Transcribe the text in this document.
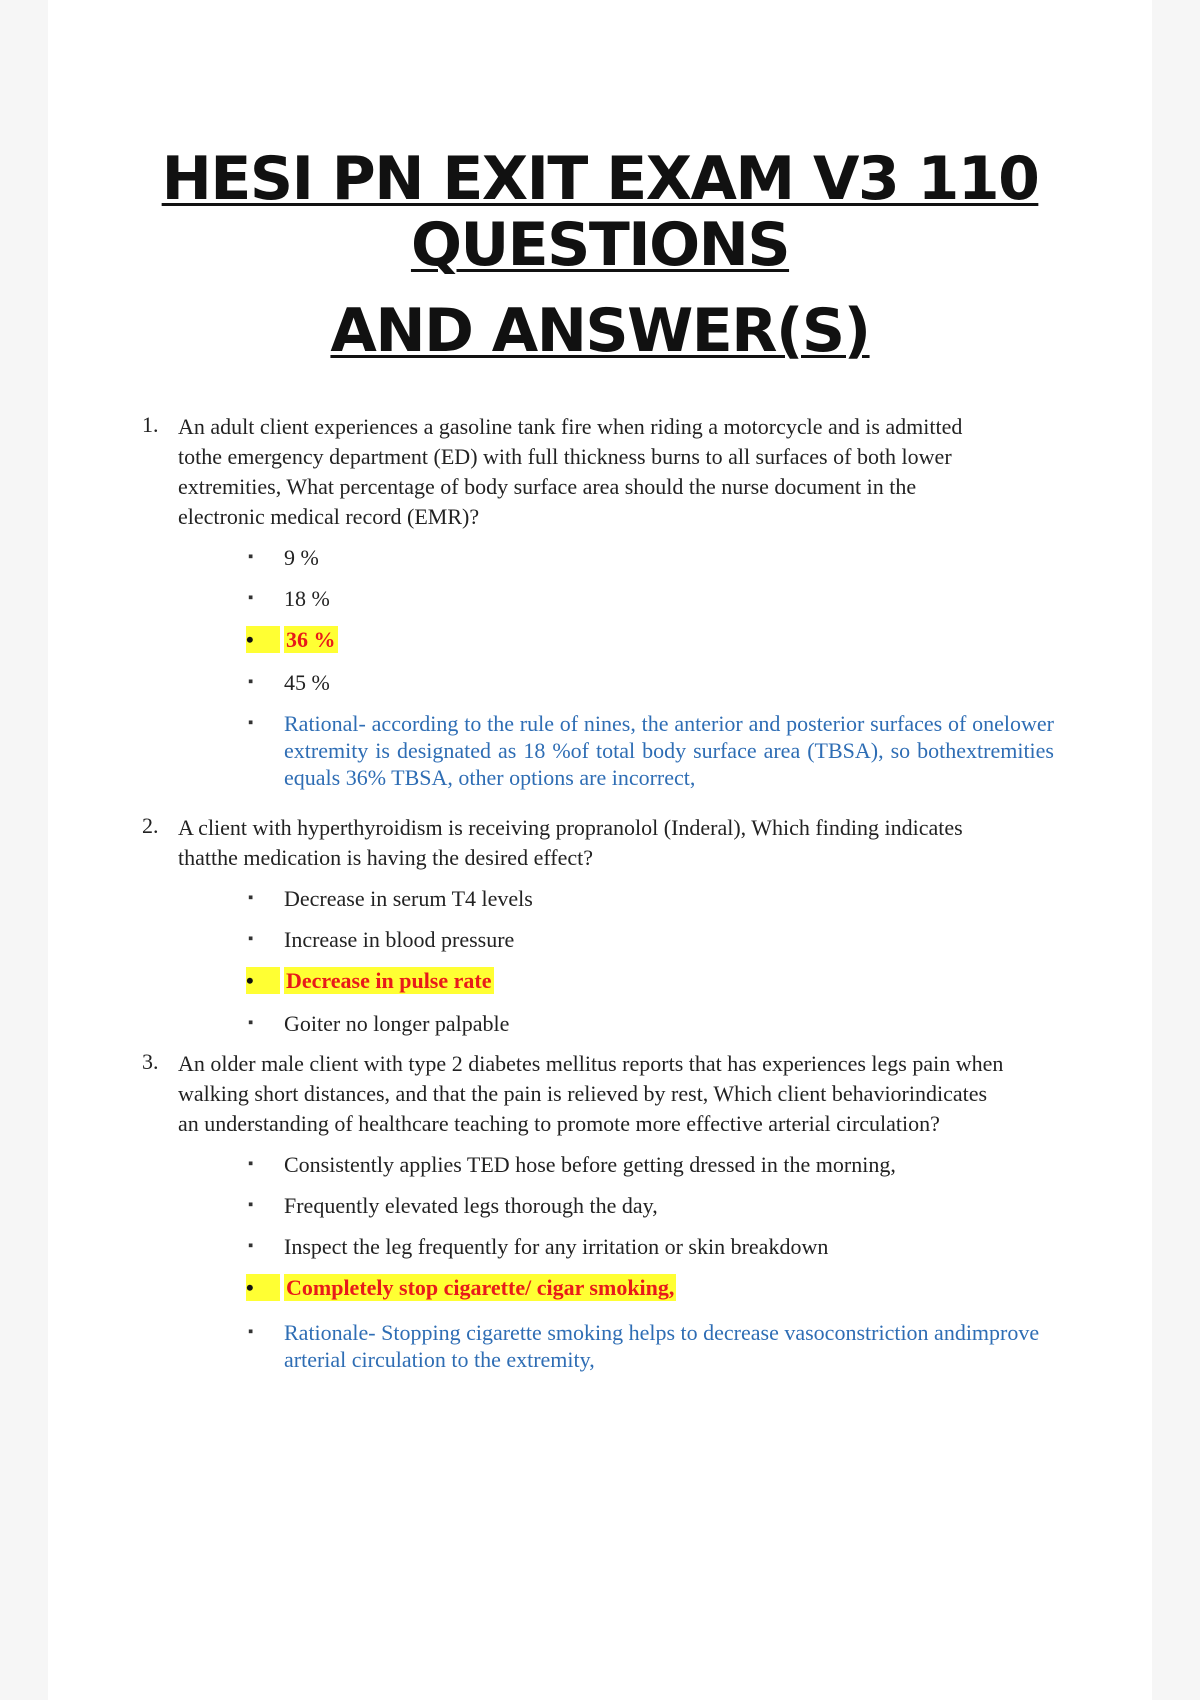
HESI PN EXIT EXAM V3 110
QUESTIONS
AND ANSWER(S)
1. An adult client experiences a gasoline tank fire when riding a motorcycle and is admitted tothe emergency department (ED) with full thickness burns to all surfaces of both lower extremities, What percentage of body surface area should the nurse document in the electronic medical record (EMR)?

▪	9 %
▪	18 %
•	36 %
▪	45 %
▪	Rational- according to the rule of nines, the anterior and posterior surfaces of onelower extremity is designated as 18 %of total body surface area (TBSA), so bothextremities equals 36% TBSA, other options are incorrect,
2. A client with hyperthyroidism is receiving propranolol (Inderal), Which finding indicates thatthe medication is having the desired effect?

▪	Decrease in serum T4 levels
▪	Increase in blood pressure
•	Decrease in pulse rate
▪	Goiter no longer palpable
3. An older male client with type 2 diabetes mellitus reports that has experiences legs pain when walking short distances, and that the pain is relieved by rest, Which client behaviorindicates an understanding of healthcare teaching to promote more effective arterial circulation?

▪	Consistently applies TED hose before getting dressed in the morning,
▪	Frequently elevated legs thorough the day,
▪	Inspect the leg frequently for any irritation or skin breakdown
•	Completely stop cigarette/ cigar smoking,
▪	Rationale- Stopping cigarette smoking helps to decrease vasoconstriction andimprove arterial circulation to the extremity,
